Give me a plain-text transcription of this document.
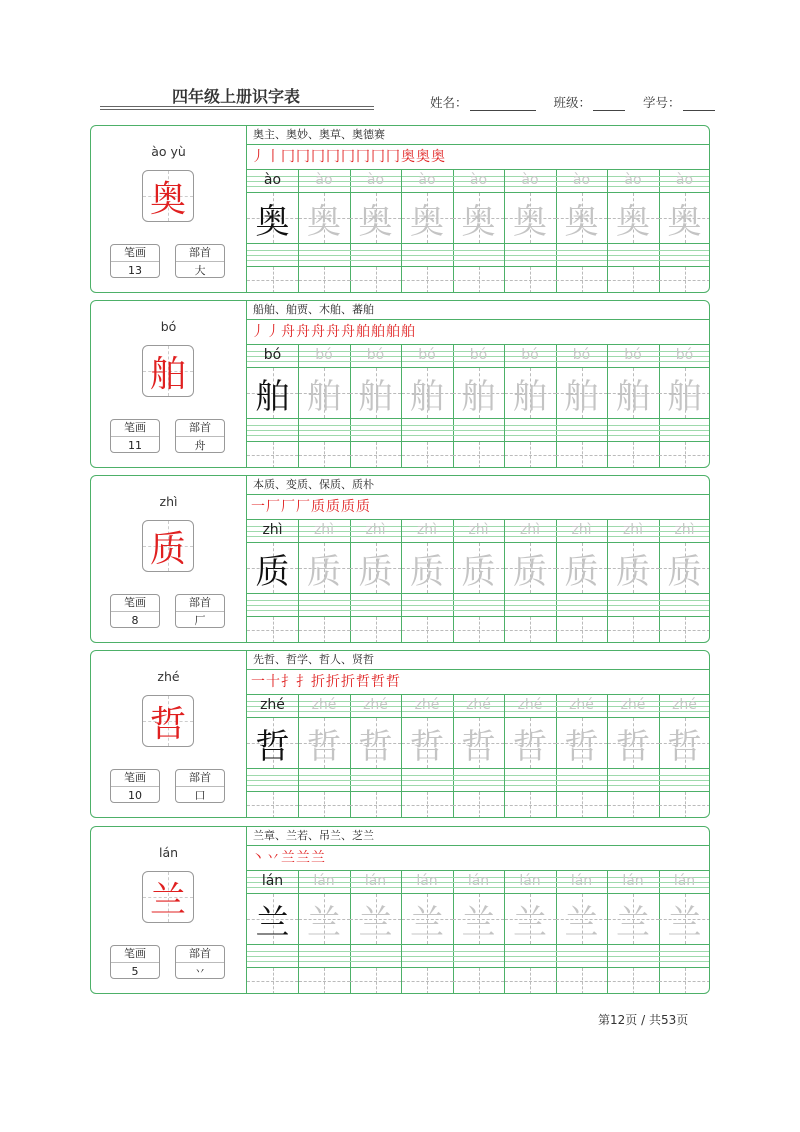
四年级上册识字表	姓名：	班级：	学号：
ào yù
奥
笔画
13
部首
大
奥主、奥妙、奥草、奥德赛
丿丨冂冂冂冂冂冂冂冂奥奥奥
ào	ào	ào	ào	ào	ào	ào	ào	ào
奥 奥 奥 奥 奥 奥 奥 奥 奥
bó
舶
笔画
11
部首
舟
船舶、舶贾、木舶、蕃舶
丿丿舟舟舟舟舟舶舶舶舶
bó	bó	bó	bó	bó	bó	bó	bó	bó
舶 舶 舶 舶 舶 舶 舶 舶 舶
zhì
质
笔画
8
部首
厂
本质、变质、保质、质朴
一厂厂厂质质质质
zhì	zhì	zhì	zhì	zhì	zhì	zhì	zhì	zhì
质 质 质 质 质 质 质 质 质
zhé
哲
笔画
10
部首
口
先哲、哲学、哲人、贤哲
一十扌扌折折折哲哲哲
zhé	zhé	zhé	zhé	zhé	zhé	zhé	zhé	zhé
哲 哲 哲 哲 哲 哲 哲 哲 哲
lán
兰
笔画
5
部首
丷
兰章、兰若、吊兰、芝兰
丶丷兰兰兰
lán	lán	lán	lán	lán	lán	lán	lán	lán
兰 兰 兰 兰 兰 兰 兰 兰 兰
第12页 / 共53页
